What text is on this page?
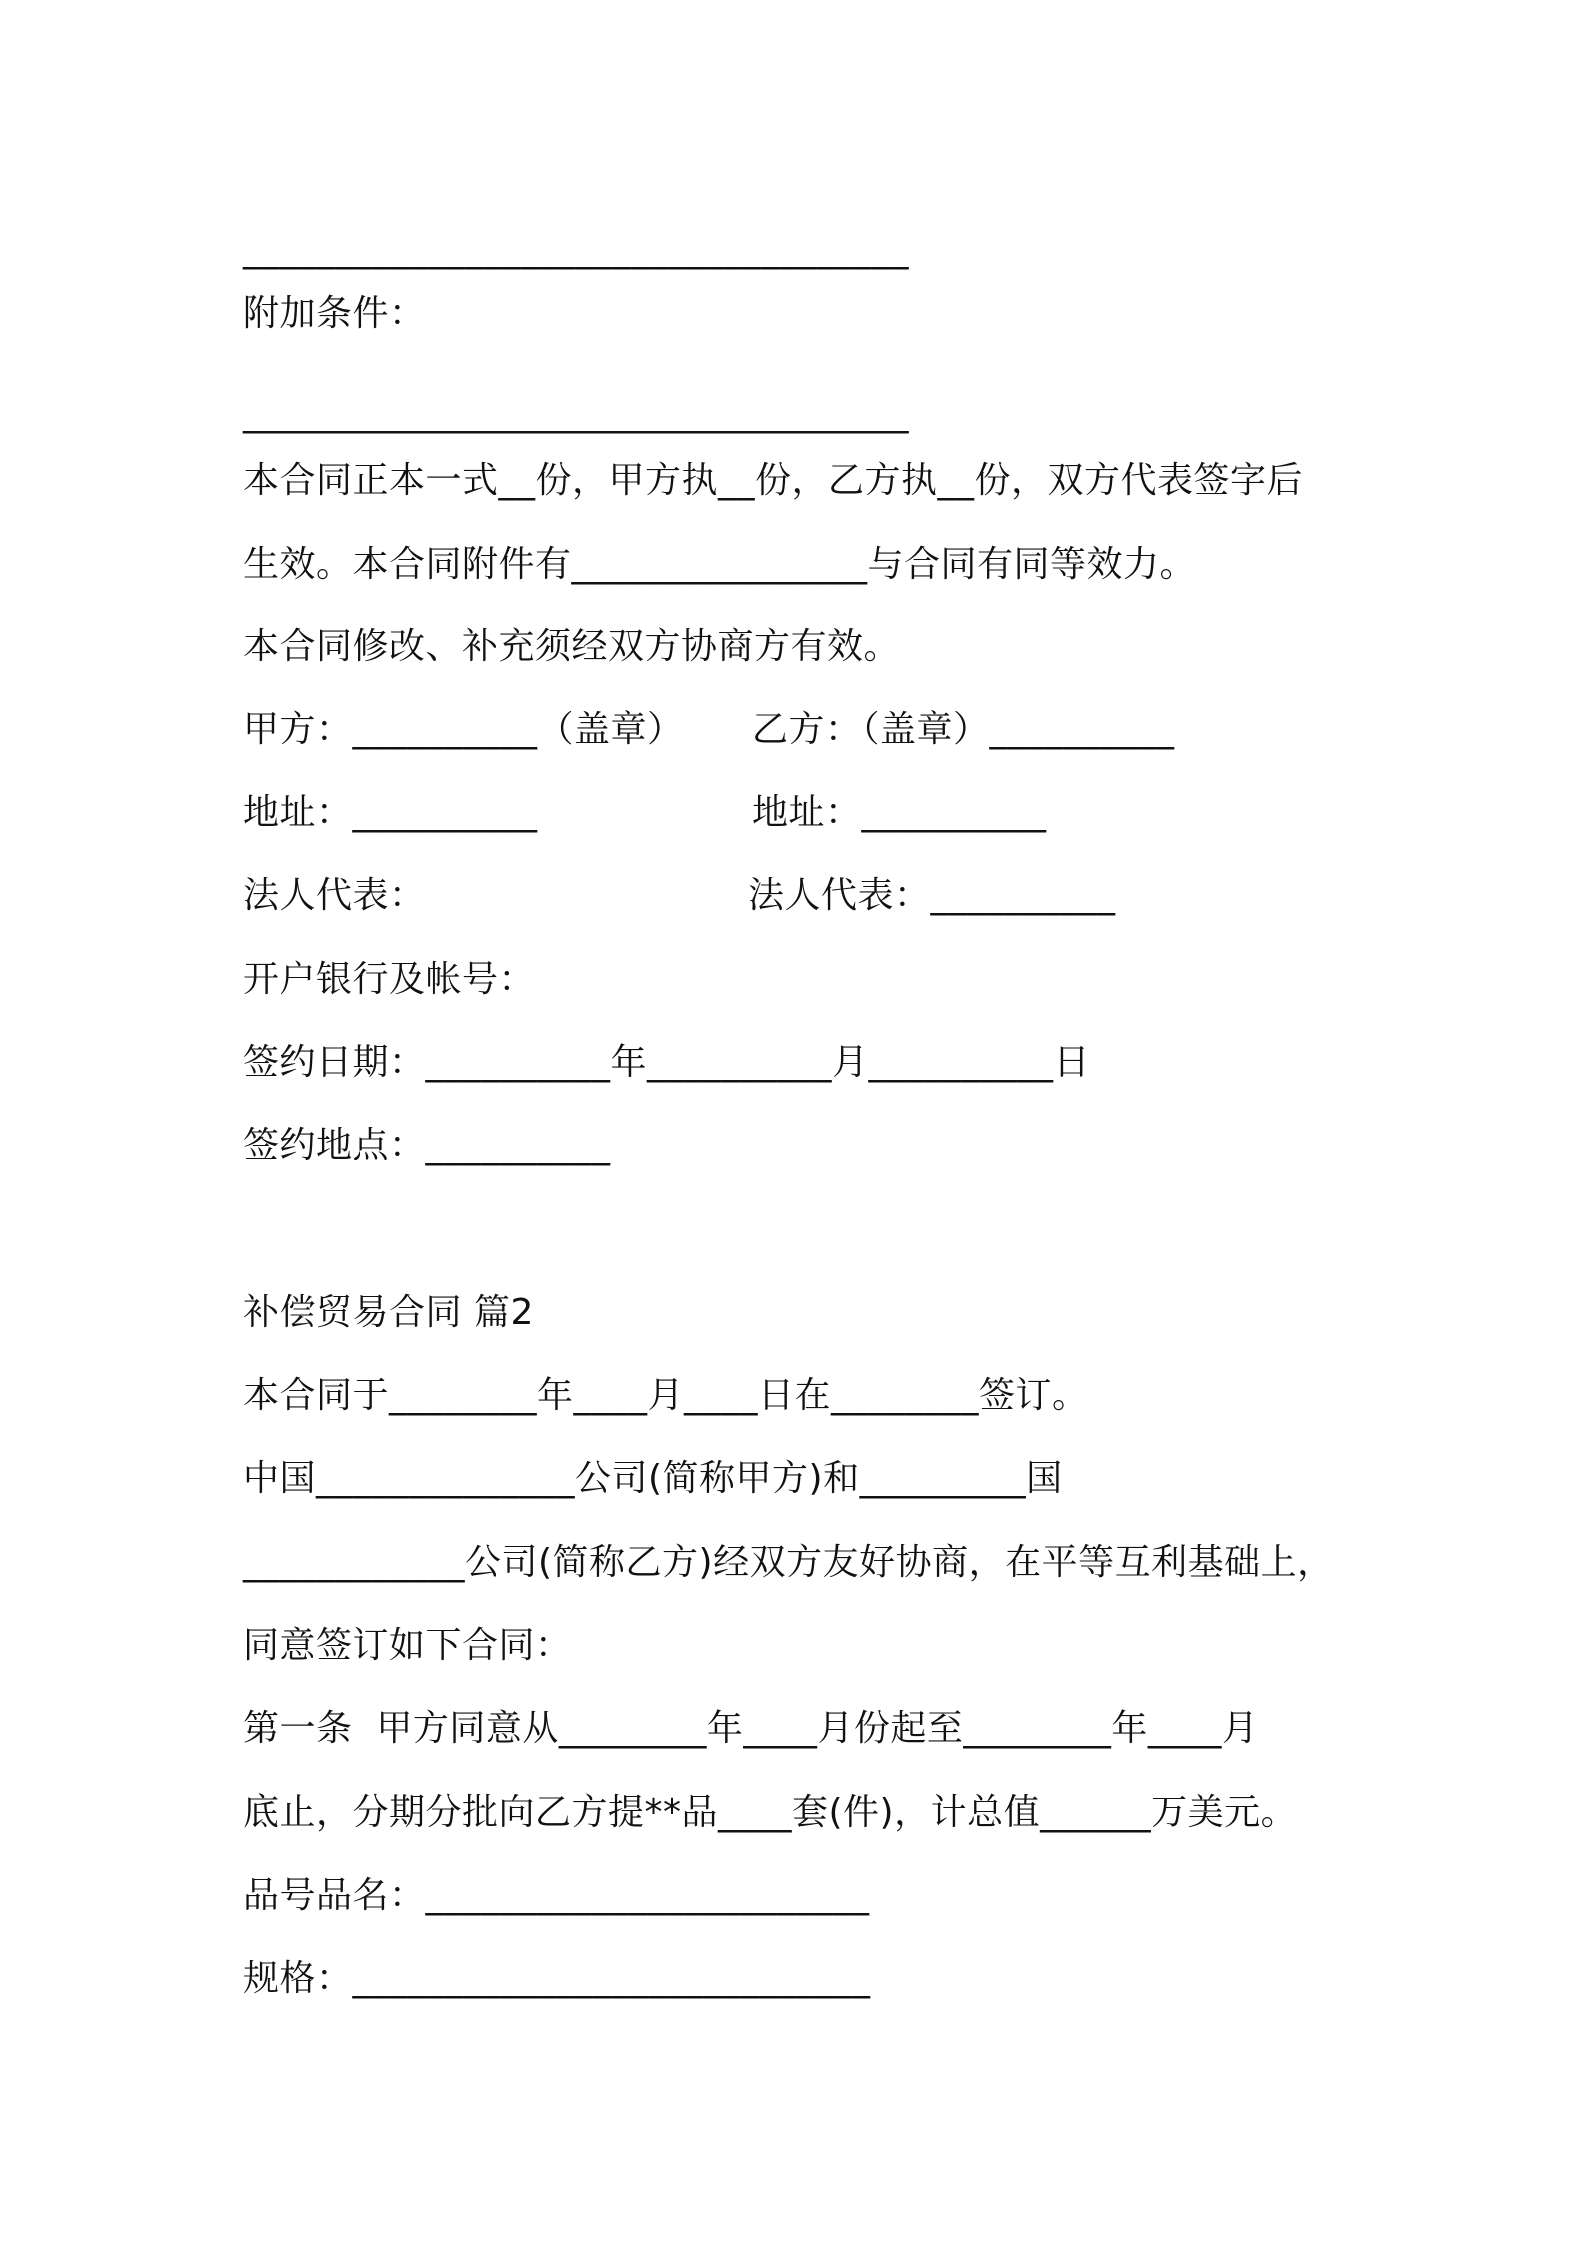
____________________________________
附加条件：
____________________________________
本合同正本一式__份，甲方执__份，乙方执__份，双方代表签字后
生效。本合同附件有________________与合同有同等效力。
本合同修改、补充须经双方协商方有效。
甲方：__________（盖章） 乙方：（盖章）__________
地址：__________	地址：__________
法人代表：	法人代表：__________
开户银行及帐号：
签约日期：__________年__________月__________日
签约地点：__________
补偿贸易合同 篇2
本合同于________年____月____日在________签订。
中国______________公司(简称甲方)和_________国
____________公司(简称乙方)经双方友好协商，在平等互利基础上，
同意签订如下合同：
第一条  甲方同意从________年____月份起至________年____月
底止，分期分批向乙方提**品____套(件)，计总值______万美元。
品号品名：________________________
规格：____________________________
